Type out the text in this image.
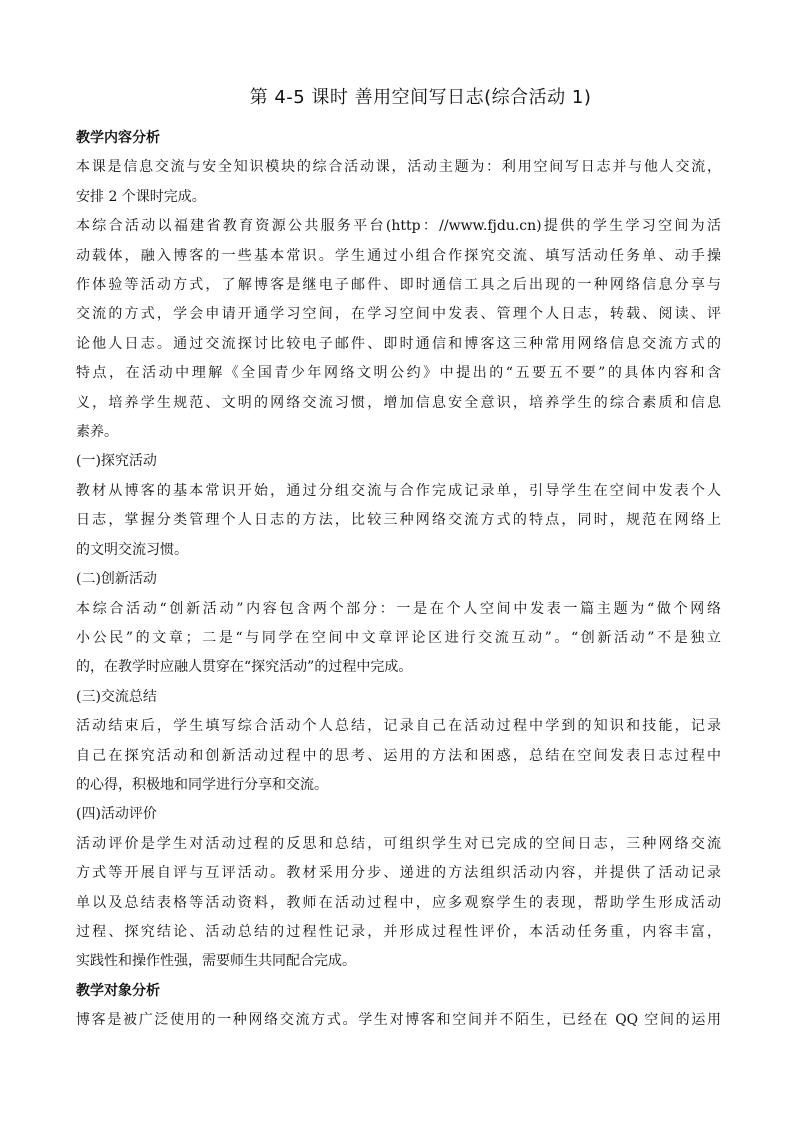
第 4-5 课时 善用空间写日志(综合活动 1)
教学内容分析
本课是信息交流与安全知识模块的综合活动课，活动主题为：利用空间写日志并与他人交流，
安排 2 个课时完成。
本综合活动以福建省教育资源公共服务平台(http：//www.fjdu.cn)提供的学生学习空间为活
动载体，融入博客的一些基本常识。学生通过小组合作探究交流、填写活动任务单、动手操
作体验等活动方式，了解博客是继电子邮件、即时通信工具之后出现的一种网络信息分享与
交流的方式，学会申请开通学习空间，在学习空间中发表、管理个人日志，转载、阅读、评
论他人日志。通过交流探讨比较电子邮件、即时通信和博客这三种常用网络信息交流方式的
特点，在活动中理解《全国青少年网络文明公约》中提出的“五要五不要”的具体内容和含
义，培养学生规范、文明的网络交流习惯，增加信息安全意识，培养学生的综合素质和信息
素养。
(一)探究活动
教材从博客的基本常识开始，通过分组交流与合作完成记录单，引导学生在空间中发表个人
日志，掌握分类管理个人日志的方法，比较三种网络交流方式的特点，同时，规范在网络上
的文明交流习惯。
(二)创新活动
本综合活动“创新活动”内容包含两个部分：一是在个人空间中发表一篇主题为“做个网络
小公民”的文章；二是“与同学在空间中文章评论区进行交流互动”。“创新活动”不是独立
的，在教学时应融人贯穿在“探究活动”的过程中完成。
(三)交流总结
活动结束后，学生填写综合活动个人总结，记录自己在活动过程中学到的知识和技能，记录
自己在探究活动和创新活动过程中的思考、运用的方法和困惑，总结在空间发表日志过程中
的心得，积极地和同学进行分享和交流。
(四)活动评价
活动评价是学生对活动过程的反思和总结，可组织学生对已完成的空间日志，三种网络交流
方式等开展自评与互评活动。教材采用分步、递进的方法组织活动内容，并提供了活动记录
单以及总结表格等活动资料，教师在活动过程中，应多观察学生的表现，帮助学生形成活动
过程、探究结论、活动总结的过程性记录，并形成过程性评价，本活动任务重，内容丰富，
实践性和操作性强，需要师生共同配合完成。
教学对象分析
博客是被广泛使用的一种网络交流方式。学生对博客和空间并不陌生，已经在 QQ 空间的运用
